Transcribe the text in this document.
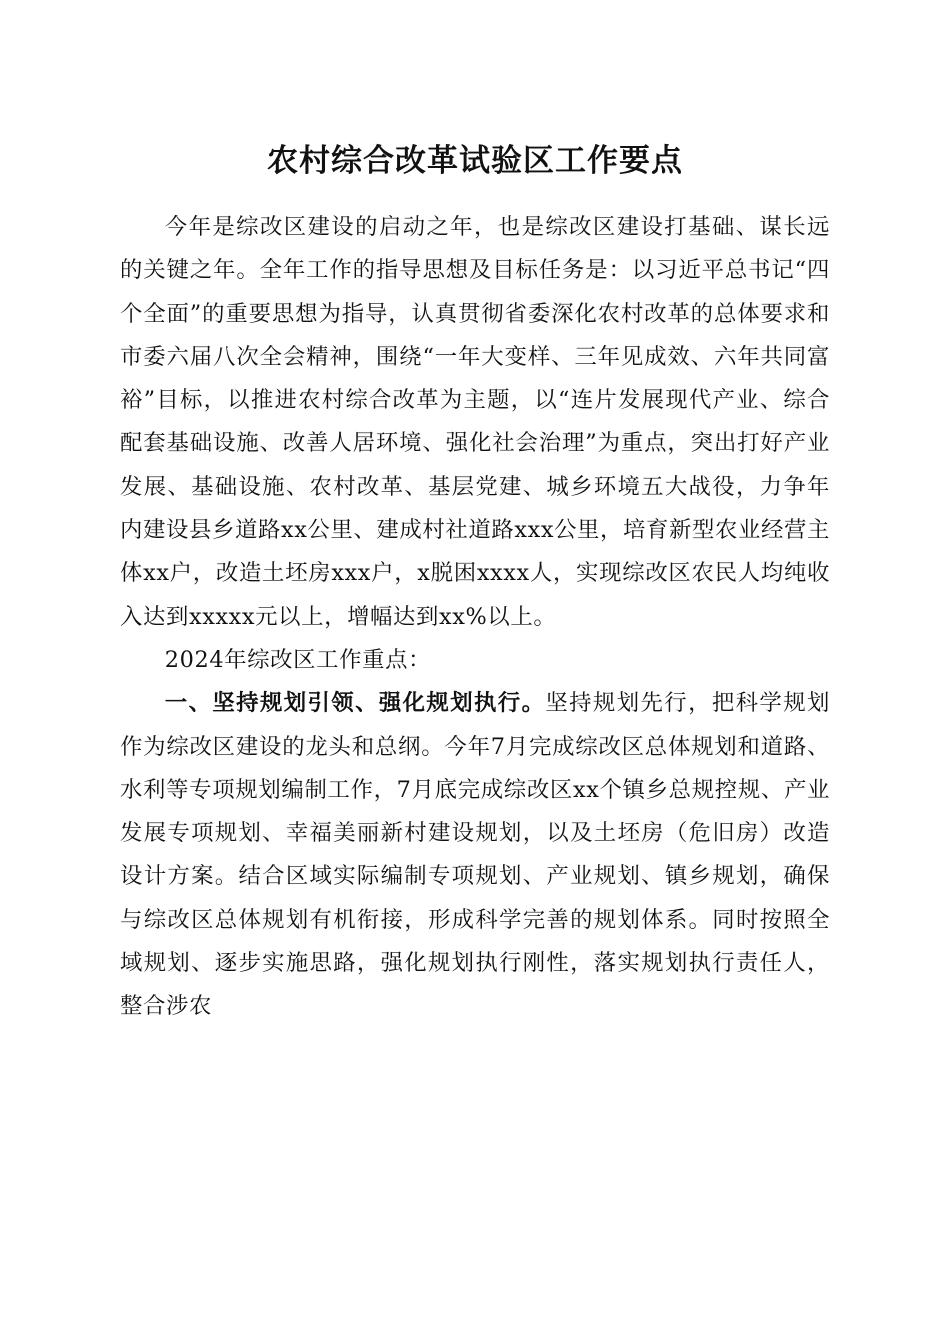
农村综合改革试验区工作要点

今年是综改区建设的启动之年，也是综改区建设打基础、谋长远的关键之年。全年工作的指导思想及目标任务是：以习近平总书记“四个全面”的重要思想为指导，认真贯彻省委深化农村改革的总体要求和市委六届八次全会精神，围绕“一年大变样、三年见成效、六年共同富裕”目标，以推进农村综合改革为主题，以“连片发展现代产业、综合配套基础设施、改善人居环境、强化社会治理”为重点，突出打好产业发展、基础设施、农村改革、基层党建、城乡环境五大战役，力争年内建设县乡道路xx公里、建成村社道路xxx公里，培育新型农业经营主体xx户，改造土坯房xxx户，x脱困xxxx人，实现综改区农民人均纯收入达到xxxxx元以上，增幅达到xx%以上。

2024年综改区工作重点：

一、坚持规划引领、强化规划执行。坚持规划先行，把科学规划作为综改区建设的龙头和总纲。今年7月完成综改区总体规划和道路、水利等专项规划编制工作，7月底完成综改区xx个镇乡总规控规、产业发展专项规划、幸福美丽新村建设规划，以及土坯房（危旧房）改造设计方案。结合区域实际编制专项规划、产业规划、镇乡规划，确保与综改区总体规划有机衔接，形成科学完善的规划体系。同时按照全域规划、逐步实施思路，强化规划执行刚性，落实规划执行责任人，整合涉农
